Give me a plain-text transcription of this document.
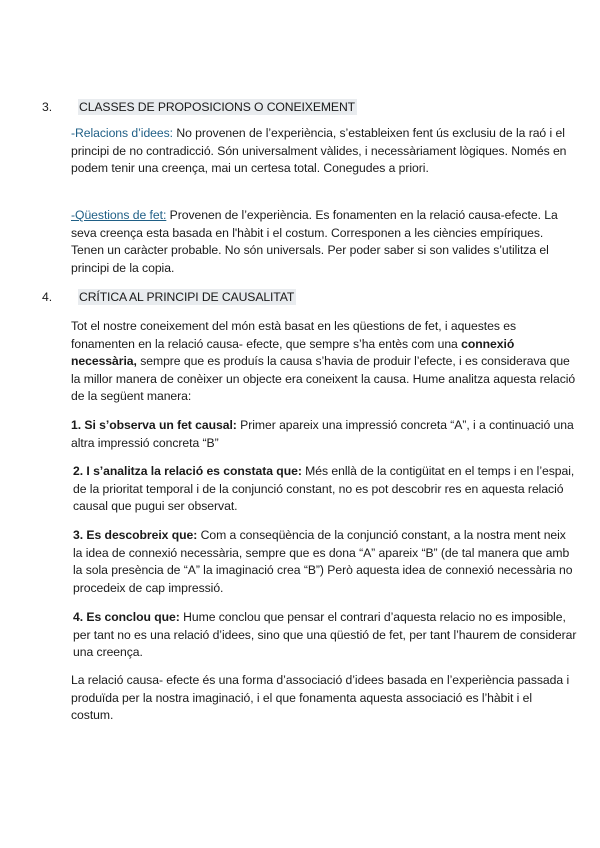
3.	CLASSES DE PROPOSICIONS O CONEIXEMENT

-Relacions d’idees: No provenen de l’experiència, s’estableixen fent ús exclusiu de la raó i el principi de no contradicció. Són universalment vàlides, i necessàriament lògiques. Només en podem tenir una creença, mai un certesa total. Conegudes a priori.

-Qüestions de fet: Provenen de l’experiència. Es fonamenten en la relació causa-efecte. La seva creença esta basada en l'hàbit i el costum. Corresponen a les ciències empíriques. Tenen un caràcter probable. No són universals. Per poder saber si son valides s’utilitza el principi de la copia.

4.	CRÍTICA AL PRINCIPI DE CAUSALITAT

Tot el nostre coneixement del món està basat en les qüestions de fet, i aquestes es fonamenten en la relació causa- efecte, que sempre s’ha entès com una connexió necessària, sempre que es produís la causa s’havia de produir l’efecte, i es considerava que la millor manera de conèixer un objecte era coneixent la causa. Hume analitza aquesta relació de la següent manera:

1. Si s’observa un fet causal: Primer apareix una impressió concreta “A”, i a continuació una altra impressió concreta “B”

2. I s’analitza la relació es constata que: Més enllà de la contigüitat en el temps i en l’espai, de la prioritat temporal i de la conjunció constant, no es pot descobrir res en aquesta relació causal que pugui ser observat.

3. Es descobreix que: Com a conseqüència de la conjunció constant, a la nostra ment neix la idea de connexió necessària, sempre que es dona “A” apareix “B” (de tal manera que amb la sola presència de “A” la imaginació crea “B”) Però aquesta idea de connexió necessària no procedeix de cap impressió.

4. Es conclou que: Hume conclou que pensar el contrari d’aquesta relacio no es imposible, per tant no es una relació d’idees, sino que una qüestió de fet, per tant l’haurem de considerar una creença.

La relació causa- efecte és una forma d’associació d’idees basada en l’experiència passada i produïda per la nostra imaginació, i el que fonamenta aquesta associació es l’hàbit i el costum.
